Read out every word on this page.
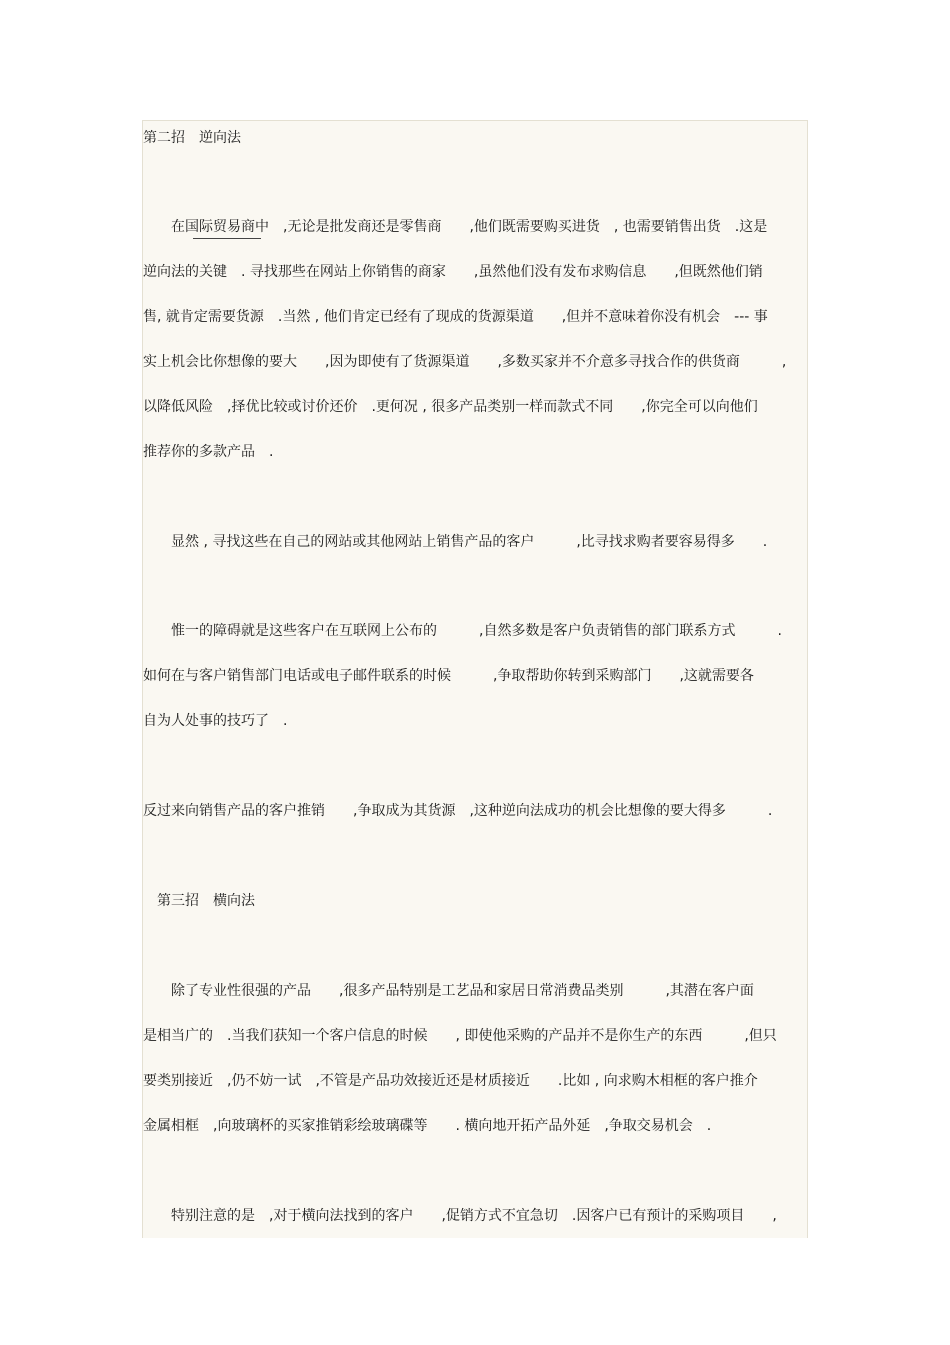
第二招　逆向法
　　在国际贸易商中　,无论是批发商还是零售商　　,他们既需要购买进货　, 也需要销售出货　.这是
逆向法的关键　. 寻找那些在网站上你销售的商家　　,虽然他们没有发布求购信息　　,但既然他们销
售, 就肯定需要货源　.当然 , 他们肯定已经有了现成的货源渠道　　,但并不意味着你没有机会　--- 事
实上机会比你想像的要大　　,因为即使有了货源渠道　　,多数买家并不介意多寻找合作的供货商　　　,
以降低风险　,择优比较或讨价还价　.更何况 , 很多产品类别一样而款式不同　　,你完全可以向他们
推荐你的多款产品　.
　　显然 , 寻找这些在自己的网站或其他网站上销售产品的客户　　　,比寻找求购者要容易得多　　.
　　惟一的障碍就是这些客户在互联网上公布的　　　,自然多数是客户负责销售的部门联系方式　　　.
如何在与客户销售部门电话或电子邮件联系的时候　　　,争取帮助你转到采购部门　　,这就需要各
自为人处事的技巧了　.
反过来向销售产品的客户推销　　,争取成为其货源　,这种逆向法成功的机会比想像的要大得多　　　.
　第三招　横向法
　　除了专业性很强的产品　　,很多产品特别是工艺品和家居日常消费品类别　　　,其潜在客户面
是相当广的　.当我们获知一个客户信息的时候　　, 即使他采购的产品并不是你生产的东西　　　,但只
要类别接近　,仍不妨一试　,不管是产品功效接近还是材质接近　　.比如 , 向求购木相框的客户推介
金属相框　,向玻璃杯的买家推销彩绘玻璃碟等　　. 横向地开拓产品外延　,争取交易机会　.
　　特别注意的是　,对于横向法找到的客户　　,促销方式不宜急切　.因客户已有预计的采购项目　　,
